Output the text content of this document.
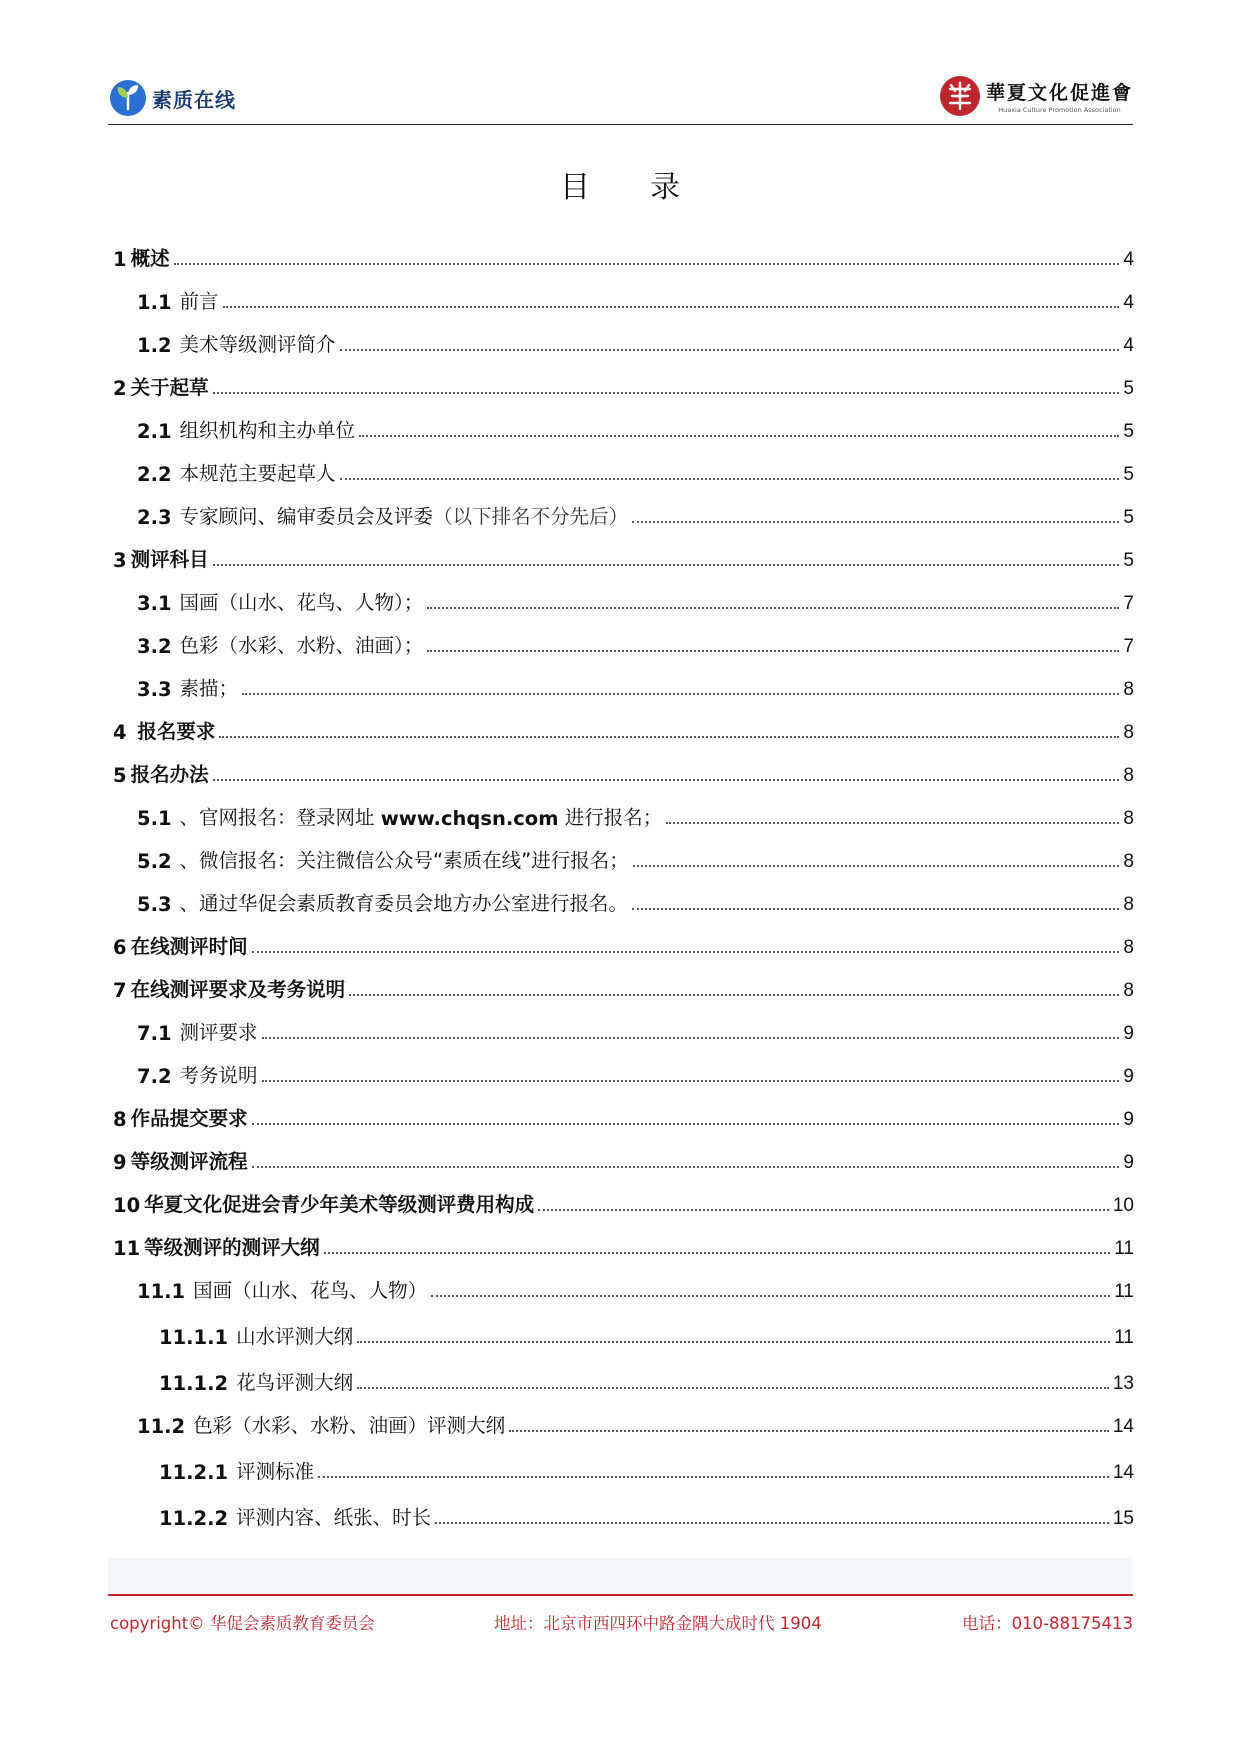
素质在线	華夏文化促進會
Huaxia Culture Promotion Association
目录
1 概述	4
1.1 前言	4
1.2 美术等级测评简介	4
2 关于起草	5
2.1 组织机构和主办单位	5
2.2 本规范主要起草人	5
2.3 专家顾问、编审委员会及评委 （以下排名不分先后）	5
3 测评科目	5
3.1 国画（山水、花鸟、人物）；	7
3.2 色彩（水彩、水粉、油画）；	7
3.3 素描；	8
4 报名要求	8
5 报名办法	8
5.1 、官网报名：登录网址 www.chqsn.com 进行报名；	8
5.2 、微信报名：关注微信公众号“素质在线”进行报名；	8
5.3 、通过华促会素质教育委员会地方办公室进行报名。	8
6 在线测评时间	8
7 在线测评要求及考务说明	8
7.1 测评要求	9
7.2 考务说明	9
8 作品提交要求	9
9 等级测评流程	9
10 华夏文化促进会青少年美术等级测评费用构成	10
11 等级测评的测评大纲	11
11.1 国画（山水、花鸟、人物）	11
11.1.1 山水评测大纲	11
11.1.2 花鸟评测大纲	13
11.2 色彩（水彩、水粉、油画）评测大纲	14
11.2.1 评测标准	14
11.2.2 评测内容、纸张、时长	15
copyright© 华促会素质教育委员会	地址：北京市西四环中路金隅大成时代 1904	电话：010-88175413
